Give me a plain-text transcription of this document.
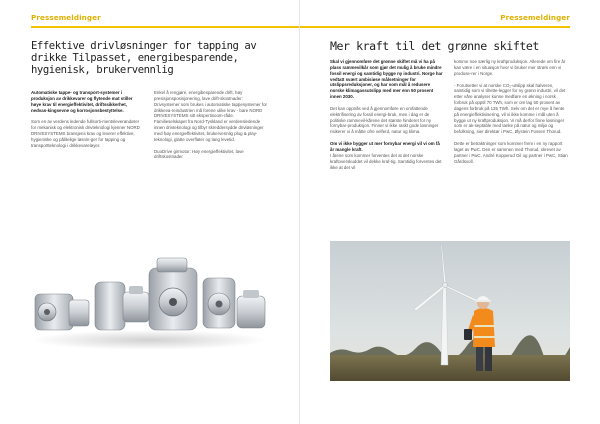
Pressemeldinger
Effektive drivløsninger for tapping av drikke Tilpasset, energibesparende, hygienisk, brukervennlig

Automatiske tappe- og transport-systemer i produksjon av drikkevarer og flytende mat stiller høye krav til energieffektivitet, driftssikkerhet, nedvas-kingsevne og korrosjonsbestyttelse.

Som en av verdens ledende fullsorti-mentsleverandører for mekanisk og elektronisk drivteknologi kjenner NORD DRIVESYSTEMS bransjens krav og leverer effektive, hygieniske og pålitelige løsnin-ger for tapping og transportteknologi i drikkevareløyer.

Enkel å rengjøre, energibesparende drift, høy presisjonsposisjonering, lave drift-skostnader: Drivsystemer som brukes i automatiske tappesystemer for drikkeva-reindustrien må forene ulike krav - bare NORD DRIVESYSTEMS sitt ekspertisoom-råde. Familieselskapet fra Nord-Tyskland er verdensledende innen drivteknologi og tilbyr skreddersydde drivløsninger med høy energieffektivitet, brukervennlig plug & play-teknologi, glatte overflater og lang levetid.

DuoDrive girmotor: Høy energieffektivitet, lave driftskostnader

Pressemeldinger
Mer kraft til det grønne skiftet

Skal vi gjennomføre det grønne skiftet må vi ha på plass rammevilkår som gjør det mulig å bruke mindre fossil energi og samtidig bygge ny industri. Norge har vedtatt svært ambisiøse målsetninger for utslippsreduksjoner, og har som mål å redusere norske klimagassutslipp med mer enn 50 prosent innen 2030.

Det kan oppnås ved å gjennomføre en omfattende elektrifisering av fossil energi-bruk, men i dag er de politiske rammevil-kårene det største hinderet for ny fornybar-produksjon. Finner vi ikke raskt gode løsninger risikerer vi å måtte ofre velferd, natur og klima.

Om vi ikke bygger ut mer fornybar energi vil vi om få år mangle kraft.

I årene som kommer forventes det at det norske kraftoverskuddet vil dekke kraf-tig. Samtidig forventes det ikke at det vil

komme noe særlig ny kraftproduksjon. Allerede om fire år kan være i en situasjon hvor vi bruker mer strøm enn vi produse-rer i Norge.

- Forutsetter vi at norske CO₂-utslipp skal halveres, samtidig som vi tilrette-legger for ny grønn industri, vil det etter våre analyser kunne medføre en økning i norsk forbruk på opptil 70 TWh, som er om lag 50 prosent av dagens forbruk på 135 TWh. Selv om det er mye å hente på energieffektivisering, vil vi ikke komme i mål uten å bygge ut ny kraftproduksjon. Vi må derfor finne løsninger som er ak-septable med tanke på natur og miljø og befolkning, sier direktør i PwC, Øystein Fossen Thorud.

Dette er betraktninger som kommer frem i en ny rapport laget av PwC. Den er sammen med Thorud, skrevet av partner i PwC, André Kopperud Gil og partner i PwC, Stian Gårdsvoll.
